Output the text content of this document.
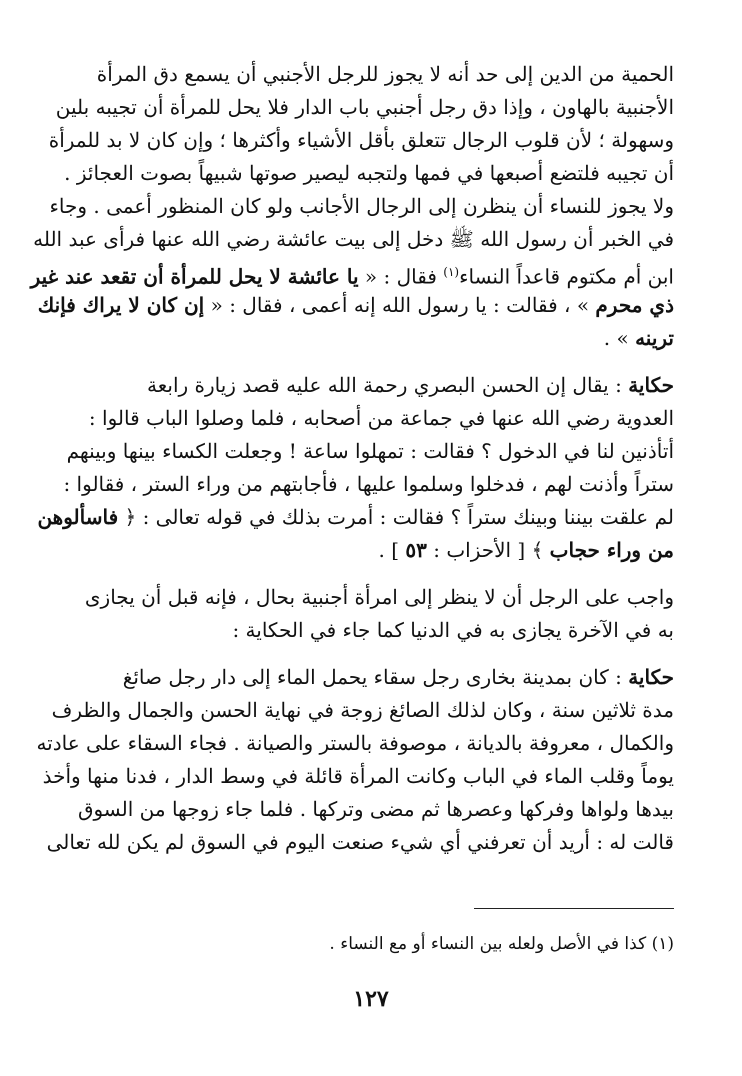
الحمية من الدين إلى حد أنه لا يجوز للرجل الأجنبي أن يسمع دق المرأة
الأجنبية بالهاون ، وإذا دق رجل أجنبي باب الدار فلا يحل للمرأة أن تجيبه بلين
وسهولة ؛ لأن قلوب الرجال تتعلق بأقل الأشياء وأكثرها ؛ وإن كان لا بد للمرأة
أن تجيبه فلتضع أصبعها في فمها ولتجبه ليصير صوتها شبيهاً بصوت العجائز .
ولا يجوز للنساء أن ينظرن إلى الرجال الأجانب ولو كان المنظور أعمى . وجاء
في الخبر أن رسول الله ﷺ دخل إلى بيت عائشة رضي الله عنها فرأى عبد الله
ابن أم مكتوم قاعداً النساء$^{(١)}$ فقال : « يا عائشة لا يحل للمرأة أن تقعد عند غير
ذي محرم » ، فقالت : يا رسول الله إنه أعمى ، فقال : « إن كان لا يراك فإنك
ترينه » .
حكاية : يقال إن الحسن البصري رحمة الله عليه قصد زيارة رابعة
العدوية رضي الله عنها في جماعة من أصحابه ، فلما وصلوا الباب قالوا :
أتأذنين لنا في الدخول ؟ فقالت : تمهلوا ساعة ! وجعلت الكساء بينها وبينهم
ستراً وأذنت لهم ، فدخلوا وسلموا عليها ، فأجابتهم من وراء الستر ، فقالوا :
لم علقت بيننا وبينك ستراً ؟ فقالت : أمرت بذلك في قوله تعالى : ﴿ فاسألوهن
من وراء حجاب ﴾ [ الأحزاب : ٥٣ ] .
واجب على الرجل أن لا ينظر إلى امرأة أجنبية بحال ، فإنه قبل أن يجازى
به في الآخرة يجازى به في الدنيا كما جاء في الحكاية :
حكاية : كان بمدينة بخارى رجل سقاء يحمل الماء إلى دار رجل صائغ
مدة ثلاثين سنة ، وكان لذلك الصائغ زوجة في نهاية الحسن والجمال والظرف
والكمال ، معروفة بالديانة ، موصوفة بالستر والصيانة . فجاء السقاء على عادته
يوماً وقلب الماء في الباب وكانت المرأة قائلة في وسط الدار ، فدنا منها وأخذ
بيدها ولواها وفركها وعصرها ثم مضى وتركها . فلما جاء زوجها من السوق
قالت له : أريد أن تعرفني أي شيء صنعت اليوم في السوق لم يكن لله تعالى
(١) كذا في الأصل ولعله بين النساء أو مع النساء .
١٢٧
